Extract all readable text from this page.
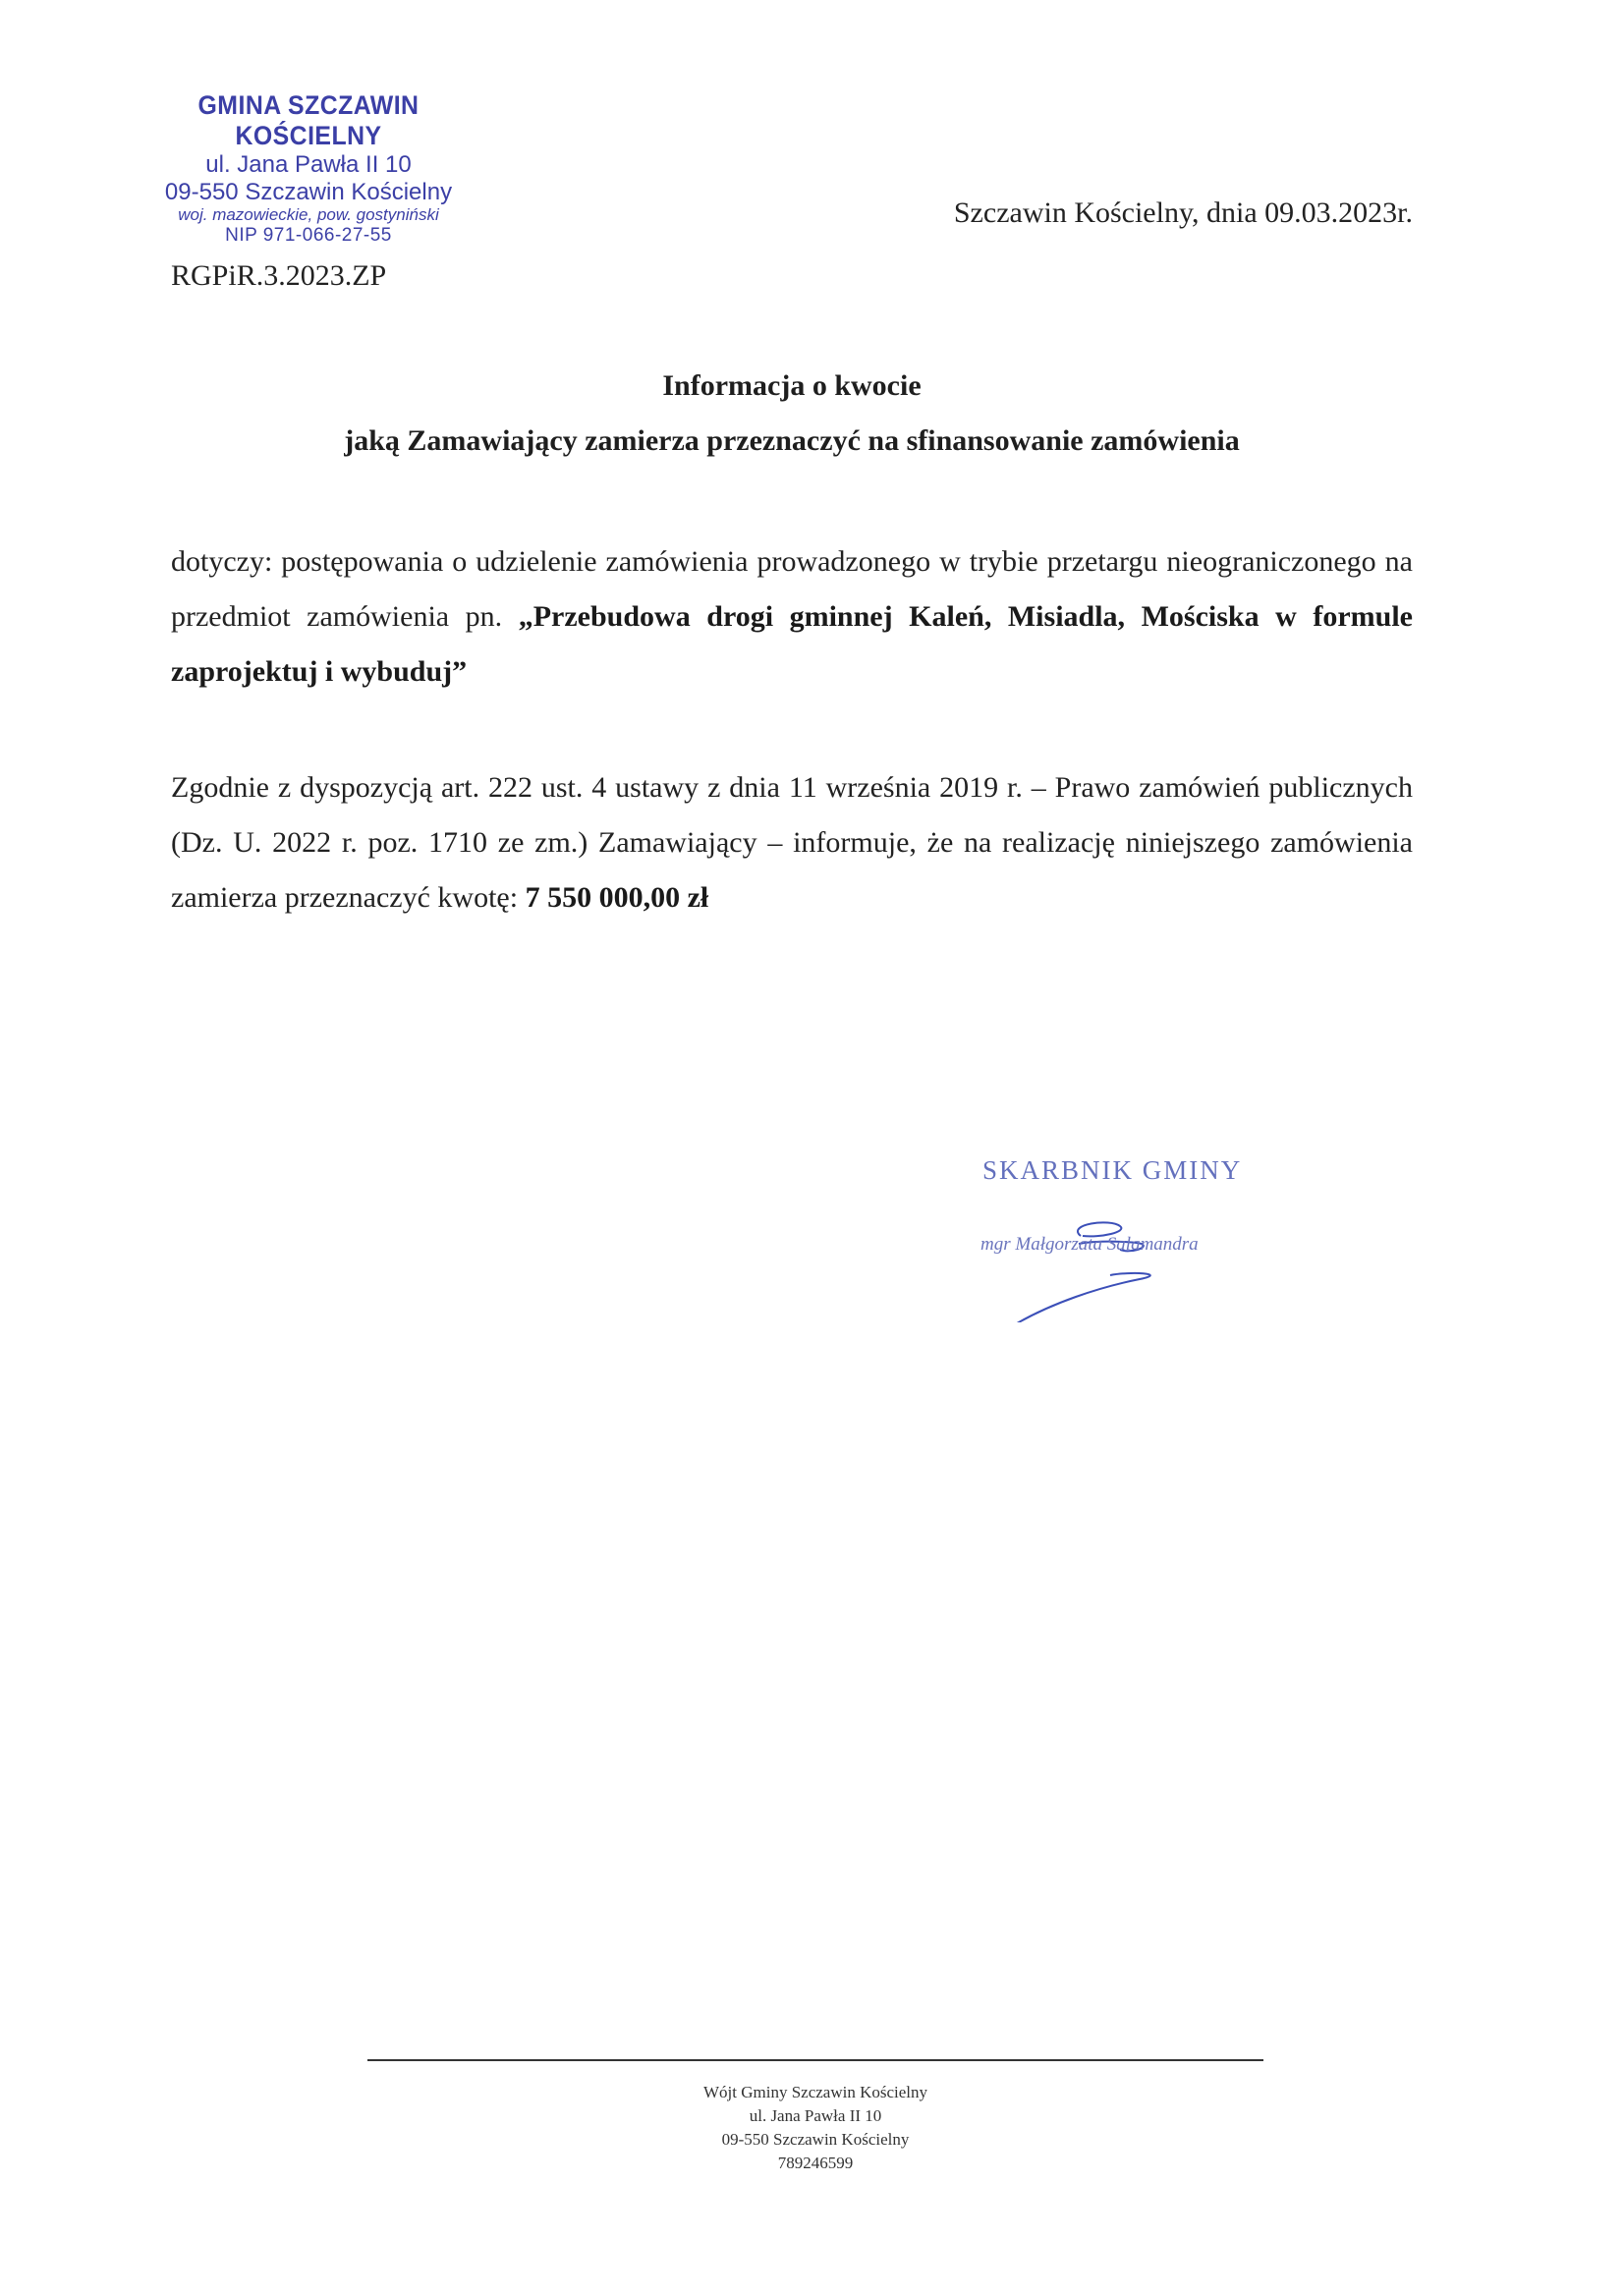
GMINA SZCZAWIN KOŚCIELNY
ul. Jana Pawła II 10
09-550 Szczawin Kościelny
woj. mazowieckie, pow. gostyniński
NIP 971-066-27-55
Szczawin Kościelny, dnia 09.03.2023r.
RGPiR.3.2023.ZP
Informacja o kwocie
jaką Zamawiający zamierza przeznaczyć na sfinansowanie zamówienia
dotyczy: postępowania o udzielenie zamówienia prowadzonego w trybie przetargu nieograniczonego na przedmiot zamówienia pn. „Przebudowa drogi gminnej Kaleń, Misiadla, Mościska w formule zaprojektuj i wybuduj”
Zgodnie z dyspozycją art. 222 ust. 4 ustawy z dnia 11 września 2019 r. – Prawo zamówień publicznych (Dz. U. 2022 r. poz. 1710 ze zm.) Zamawiający – informuje, że na realizację niniejszego zamówienia zamierza przeznaczyć kwotę: 7 550 000,00 zł
SKARBNIK GMINY
mgr Małgorzata Salamandra
Wójt Gminy Szczawin Kościelny
ul. Jana Pawła II 10
09-550 Szczawin Kościelny
789246599
